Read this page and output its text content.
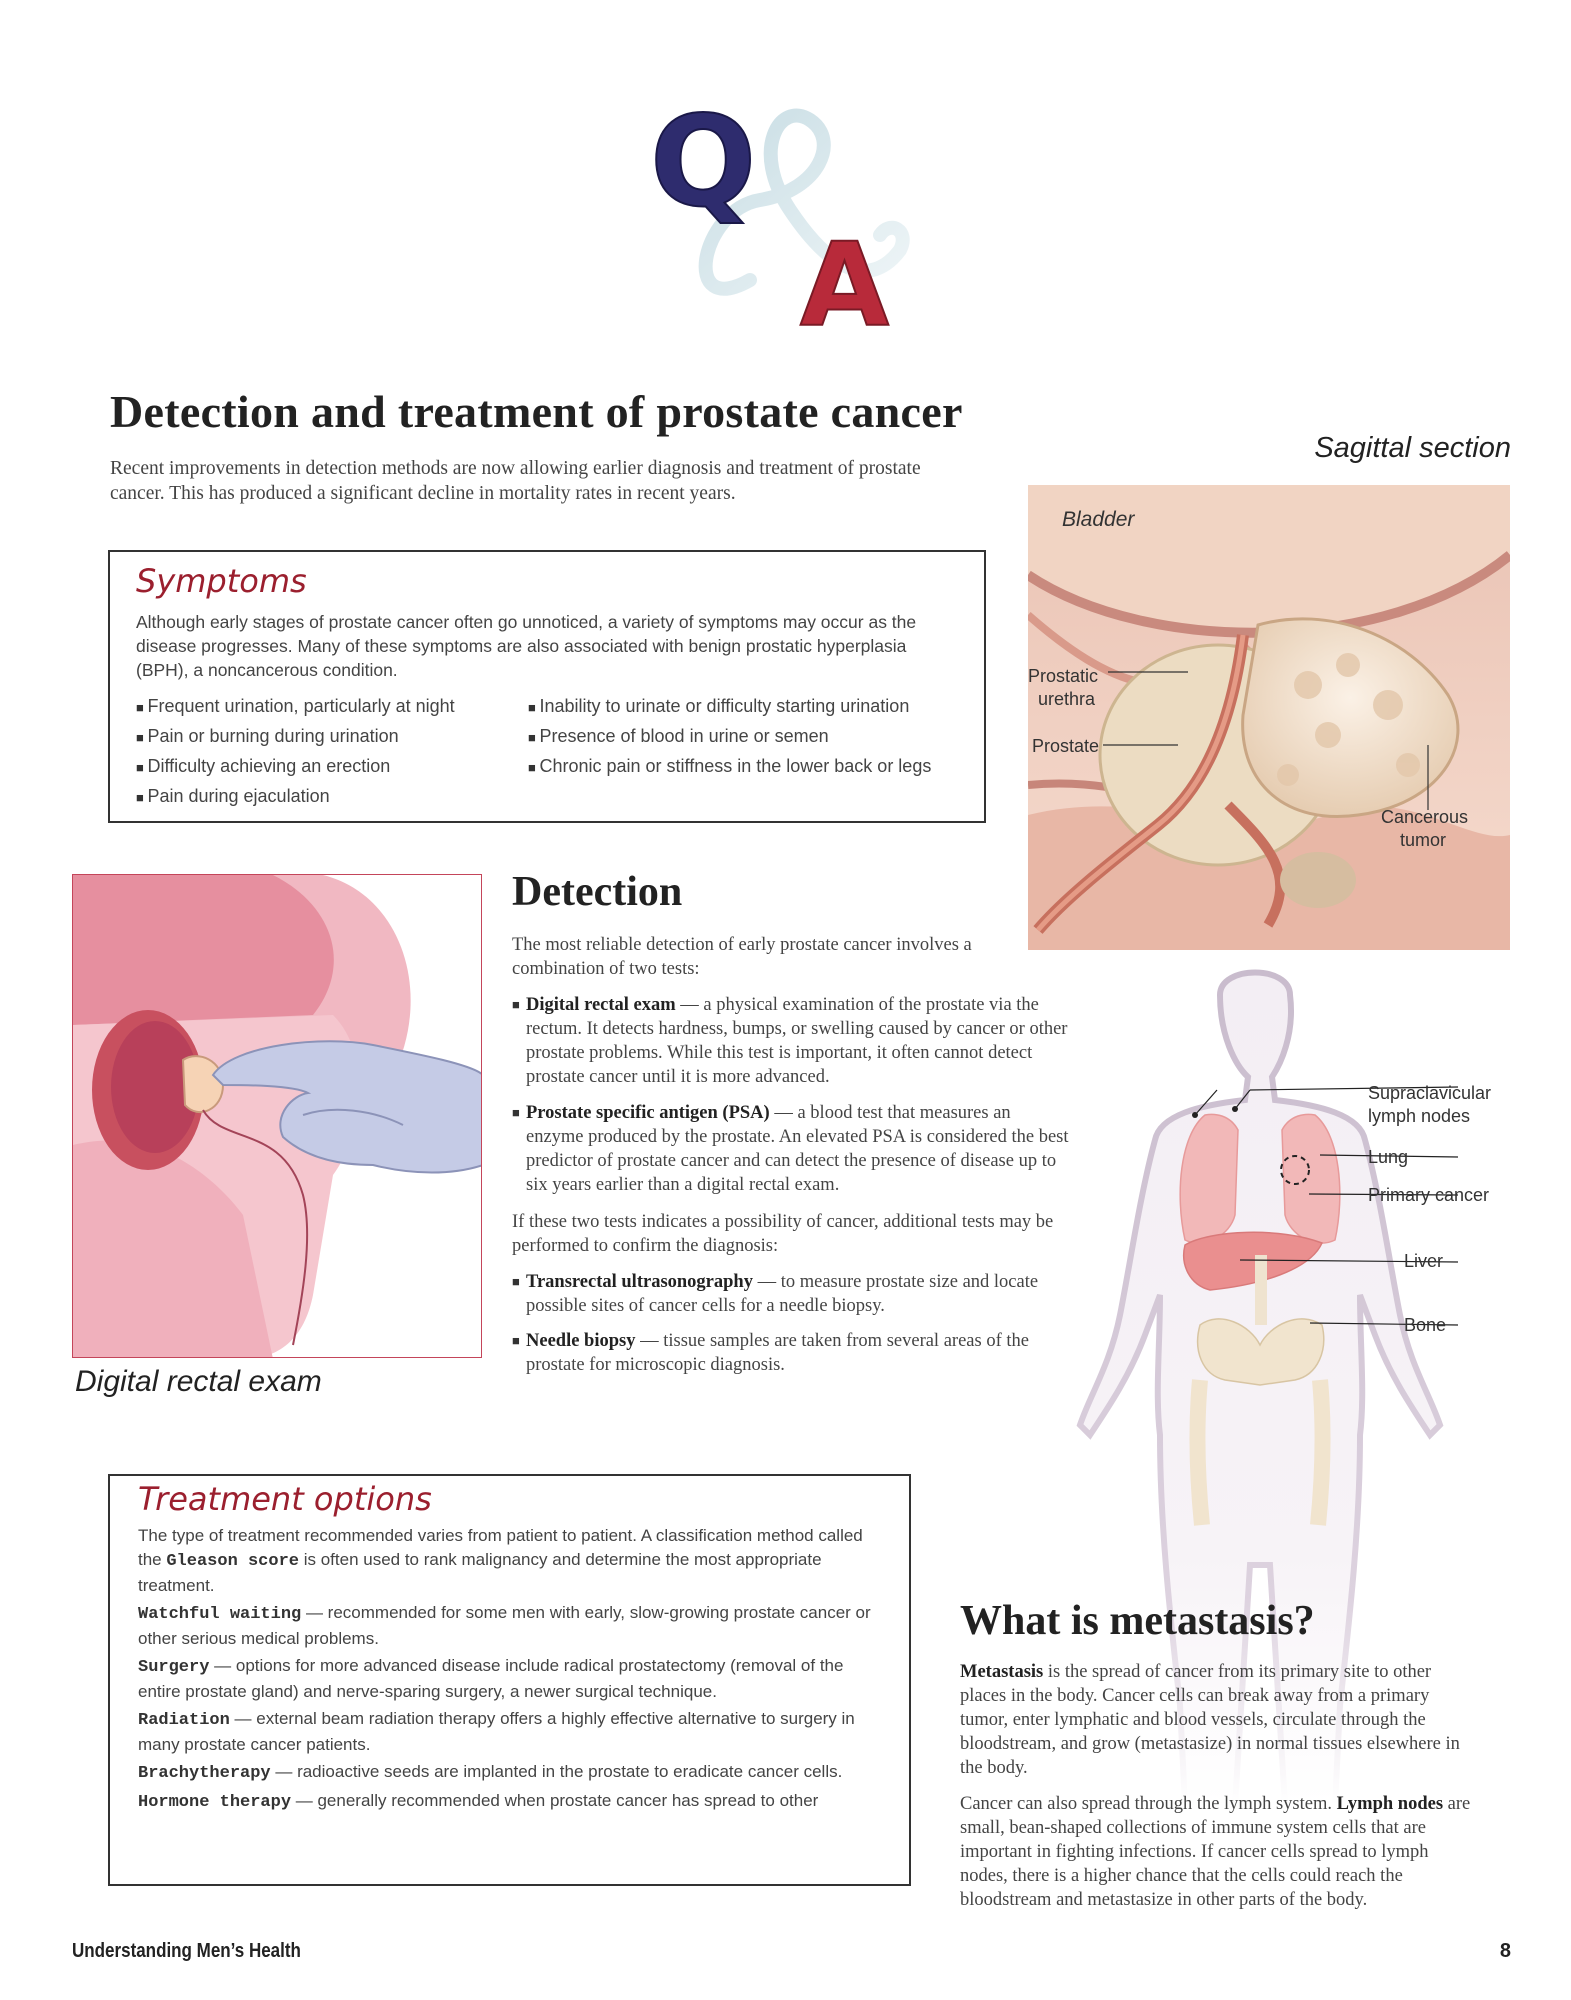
Q
A
Detection and treatment of prostate cancer
Recent improvements in detection methods are now allowing earlier diagnosis and treatment of prostate cancer. This has produced a significant decline in mortality rates in recent years.
Symptoms
Although early stages of prostate cancer often go unnoticed, a variety of symptoms may occur as the disease progresses. Many of these symptoms are also associated with benign prostatic hyperplasia (BPH), a noncancerous condition.
■ Frequent urination, particularly at night
■ Pain or burning during urination
■ Difficulty achieving an erection
■ Pain during ejaculation
■ Inability to urinate or difficulty starting urination
■ Presence of blood in urine or semen
■ Chronic pain or stiffness in the lower back or legs
Sagittal section
Bladder
Prostatic
urethra
Prostate
Cancerous
tumor
Digital rectal exam
Detection
The most reliable detection of early prostate cancer involves a combination of two tests:
■ Digital rectal exam — a physical examination of the prostate via the rectum. It detects hardness, bumps, or swelling caused by cancer or other prostate problems. While this test is important, it often cannot detect prostate cancer until it is more advanced.
■ Prostate specific antigen (PSA) — a blood test that measures an enzyme produced by the prostate. An elevated PSA is considered the best predictor of prostate cancer and can detect the presence of disease up to six years earlier than a digital rectal exam.
If these two tests indicates a possibility of cancer, additional tests may be performed to confirm the diagnosis:
■ Transrectal ultrasonography — to measure prostate size and locate possible sites of cancer cells for a needle biopsy.
■ Needle biopsy — tissue samples are taken from several areas of the prostate for microscopic diagnosis.
Supraclavicular
lymph nodes
Lung
Primary cancer
Liver
Bone
Treatment options

The type of treatment recommended varies from patient to patient. A classification method called the Gleason score is often used to rank malignancy and determine the most appropriate treatment.

Watchful waiting — recommended for some men with early, slow-growing prostate cancer or other serious medical problems.

Surgery — options for more advanced disease include radical prostatectomy (removal of the entire prostate gland) and nerve-sparing surgery, a newer surgical technique.

Radiation — external beam radiation therapy offers a highly effective alternative to surgery in many prostate cancer patients.

Brachytherapy — radioactive seeds are implanted in the prostate to eradicate cancer cells.

Hormone therapy — generally recommended when prostate cancer has spread to other

What is metastasis?
Metastasis is the spread of cancer from its primary site to other places in the body. Cancer cells can break away from a primary tumor, enter lymphatic and blood vessels, circulate through the bloodstream, and grow (metastasize) in normal tissues elsewhere in the body.
Cancer can also spread through the lymph system. Lymph nodes are small, bean-shaped collections of immune system cells that are important in fighting infections. If cancer cells spread to lymph nodes, there is a higher chance that the cells could reach the bloodstream and metastasize in other parts of the body.
Understanding Men’s Health	8
